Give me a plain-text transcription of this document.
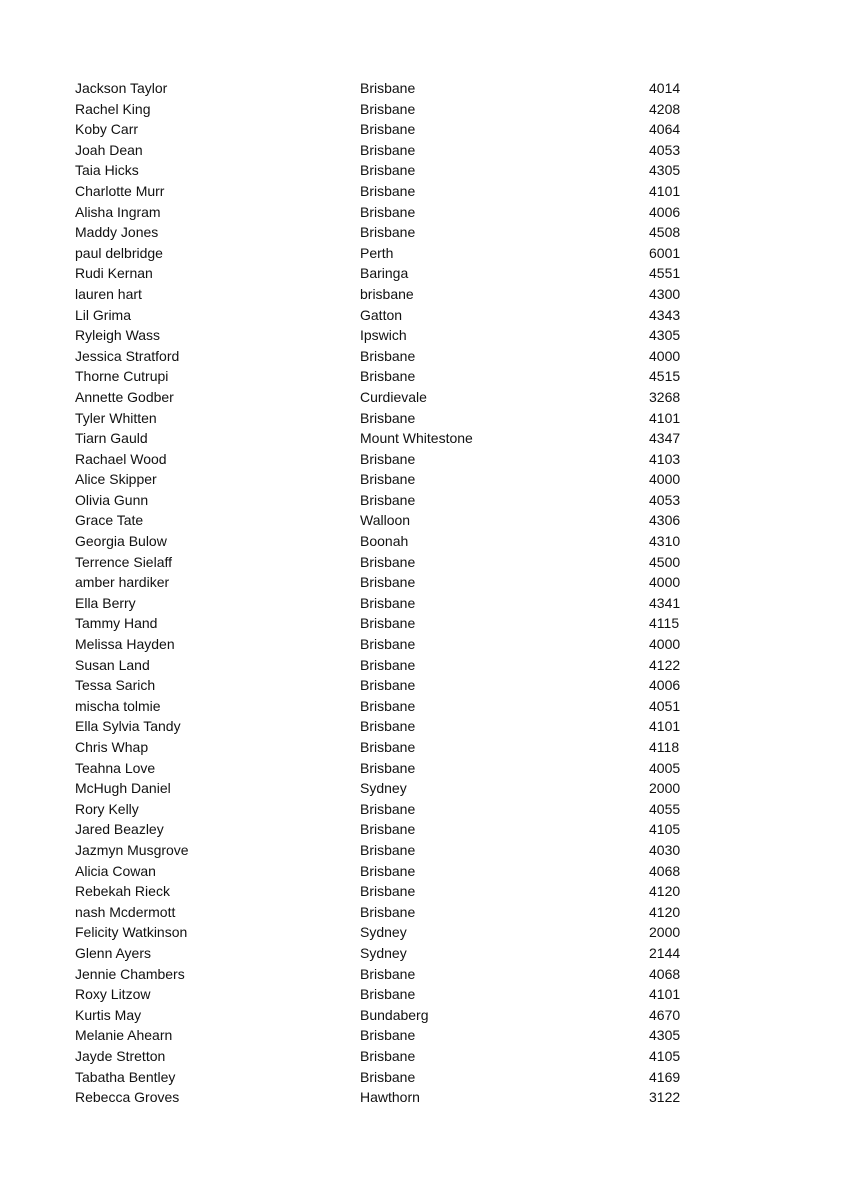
Jackson Taylor	Brisbane	4014
Rachel King	Brisbane	4208
Koby Carr	Brisbane	4064
Joah Dean	Brisbane	4053
Taia Hicks	Brisbane	4305
Charlotte Murr	Brisbane	4101
Alisha Ingram	Brisbane	4006
Maddy Jones	Brisbane	4508
paul delbridge	Perth	6001
Rudi Kernan	Baringa	4551
lauren hart	brisbane	4300
Lil Grima	Gatton	4343
Ryleigh Wass	Ipswich	4305
Jessica Stratford	Brisbane	4000
Thorne Cutrupi	Brisbane	4515
Annette Godber	Curdievale	3268
Tyler Whitten	Brisbane	4101
Tiarn Gauld	Mount Whitestone	4347
Rachael Wood	Brisbane	4103
Alice Skipper	Brisbane	4000
Olivia Gunn	Brisbane	4053
Grace Tate	Walloon	4306
Georgia Bulow	Boonah	4310
Terrence Sielaff	Brisbane	4500
amber hardiker	Brisbane	4000
Ella Berry	Brisbane	4341
Tammy Hand	Brisbane	4115
Melissa Hayden	Brisbane	4000
Susan Land	Brisbane	4122
Tessa Sarich	Brisbane	4006
mischa tolmie	Brisbane	4051
Ella Sylvia Tandy	Brisbane	4101
Chris Whap	Brisbane	4118
Teahna Love	Brisbane	4005
McHugh Daniel	Sydney	2000
Rory Kelly	Brisbane	4055
Jared Beazley	Brisbane	4105
Jazmyn Musgrove	Brisbane	4030
Alicia Cowan	Brisbane	4068
Rebekah Rieck	Brisbane	4120
nash Mcdermott	Brisbane	4120
Felicity Watkinson	Sydney	2000
Glenn Ayers	Sydney	2144
Jennie Chambers	Brisbane	4068
Roxy Litzow	Brisbane	4101
Kurtis May	Bundaberg	4670
Melanie Ahearn	Brisbane	4305
Jayde Stretton	Brisbane	4105
Tabatha Bentley	Brisbane	4169
Rebecca Groves	Hawthorn	3122
